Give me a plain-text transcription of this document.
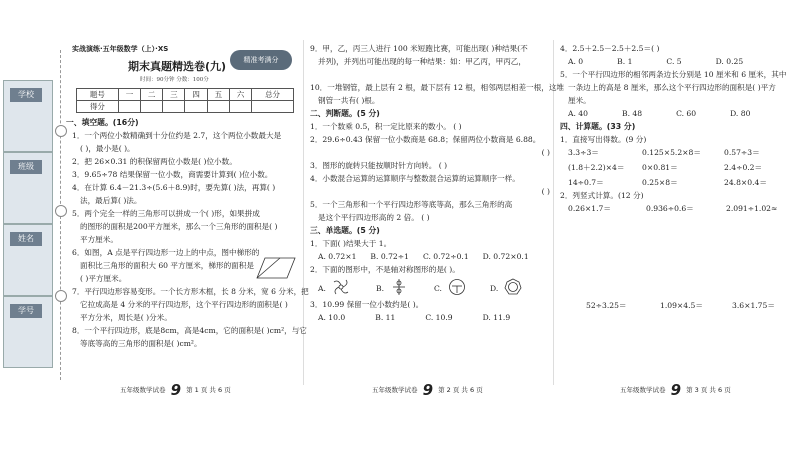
学校
班级
姓名
学号
实战演练·五年级数学（上）·XS
精准考满分
期末真题精选卷(九)
时间：90分钟 分数：100分
题号	一	二	三	四	五	六	总分
得分							
一、填空题。(16分)
1．一个两位小数精确到十分位约是 2.7，这个两位小数最大是
( )，最小是( )。
2．把 26×0.31 的积保留两位小数是( )位小数。
3．9.65÷78 结果保留一位小数，商需要计算到( )位小数。
4．在计算 6.4－21.3÷(5.6＋8.9)时，要先算( )法，再算( )
法，最后算( )法。
5．两个完全一样的三角形可以拼成一个( )形，如果拼成
的图形的面积是200平方厘米，那么一个三角形的面积是( )
平方厘米。
6．如图，A 点是平行四边形一边上的中点，图中梯形的
面积比三角形的面积大 60 平方厘米，梯形的面积是
( )平方厘米。
7．平行四边形容易变形。一个长方形木框，长 8 分米，宽 6 分米，把
它拉成高是 4 分米的平行四边形，这个平行四边形的面积是( )
平方分米，周长是( )分米。
8．一个平行四边形，底是8cm，高是4cm，它的面积是( )cm²，与它
等底等高的三角形的面积是( )cm²。
五年级数学试卷 9 第 1 页 共 6 页
9．甲，乙，丙三人进行 100 米短跑比赛，可能出现( )种结果(不
并列)，并列出可能出现的每一种结果：如：甲乙丙，甲丙乙，
10．一堆钢管，最上层有 2 根，最下层有 12 根，相邻两层相差一根，这堆
钢管一共有( )根。
二、判断题。(5 分)
1．一个数乘 0.5，积一定比原来的数小。 ( )
2．29.6÷0.43 保留一位小数商是 68.8；保留两位小数商是 6.88。
( )
3．图形的旋转只能按顺时针方向转。 ( )
4．小数混合运算的运算顺序与整数混合运算的运算顺序一样。
( )
5．一个三角形和一个平行四边形等底等高，那么三角形的高
是这个平行四边形高的 2 倍。 ( )
三、单选题。(5 分)
1．下面( )结果大于 1。
A. 0.72×1 B. 0.72÷1 C. 0.72÷0.1 D. 0.72×0.1
2．下面的图形中，不是轴对称图形的是( )。
A.	B.	C.	D.
3．10.99 保留一位小数约是( )。
A. 10.0	B. 11	C. 10.9	D. 11.9
五年级数学试卷 9 第 2 页 共 6 页
4．2.5＋2.5－2.5＋2.5＝( )
A. 0	B. 1	C. 5	D. 0.25
5．一个平行四边形的相邻两条边长分别是 10 厘米和 6 厘米，其中
一条边上的高是 8 厘米，那么这个平行四边形的面积是( )平方
厘米。
A. 40	B. 48	C. 60	D. 80
四、计算题。(33 分)
1．直接写出得数。(9 分)
3.3÷3＝	0.125×5.2×8＝	0.57÷3＝
(1.8＋2.2)×4＝	0×0.81＝	2.4÷0.2＝
14÷0.7＝	0.25×8＝	24.8×0.4＝
2．列竖式计算。(12 分)
0.26×1.7＝	0.936÷0.6＝	2.091÷1.02≈
52÷3.25＝	1.09×4.5＝	3.6×1.75＝
五年级数学试卷 9 第 3 页 共 6 页
